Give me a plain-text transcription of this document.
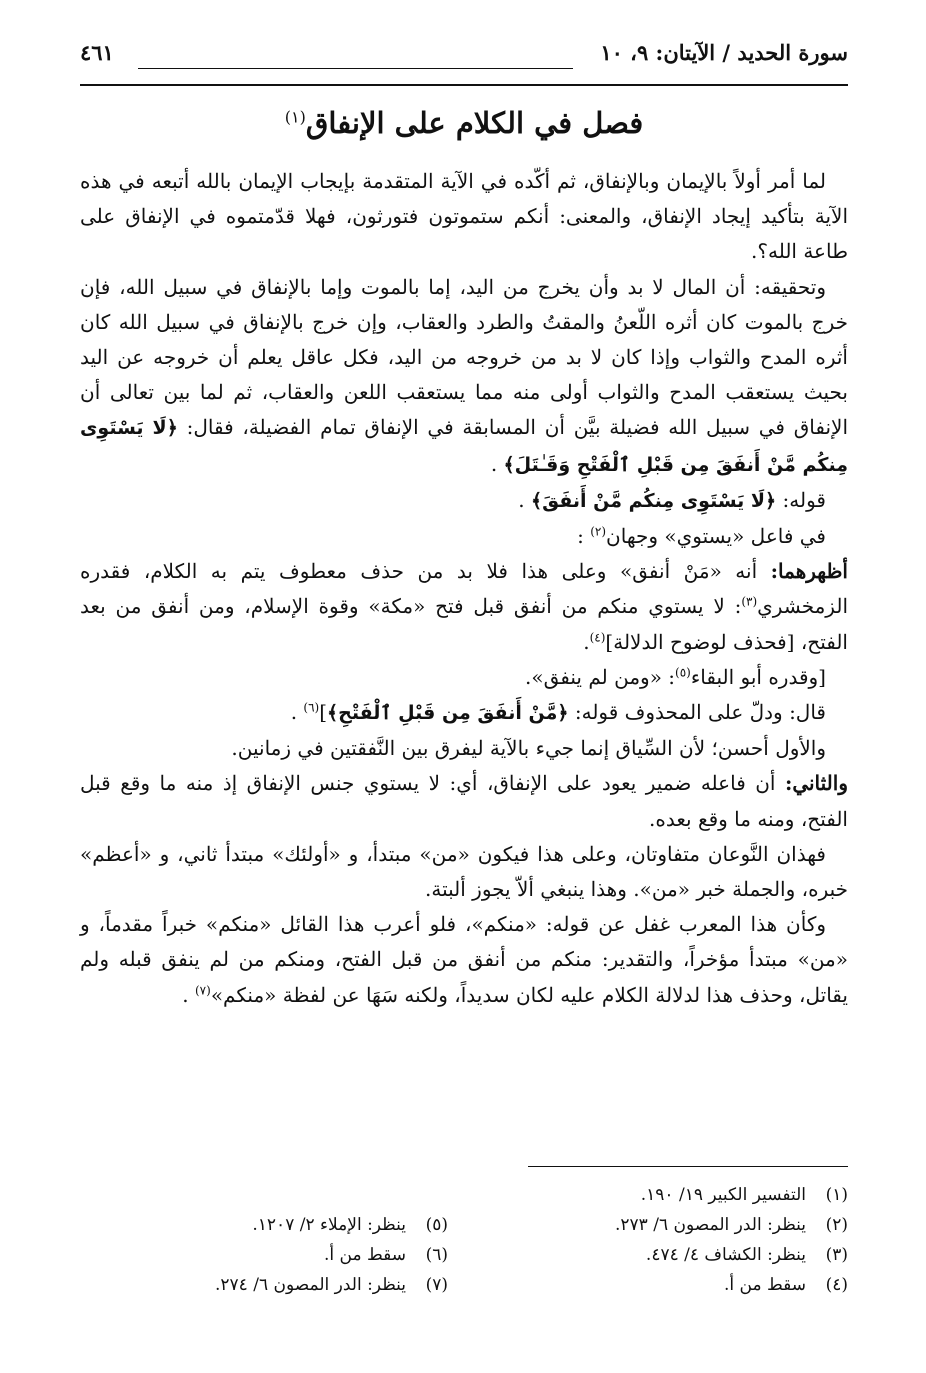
سورة الحديد / الآيتان: ٩، ١٠
٤٦١
فصل في الكلام على الإنفاق$^{(١)}$

لما أمر أولاً بالإيمان وبالإنفاق، ثم أكّده في الآية المتقدمة بإيجاب الإيمان بالله أتبعه في هذه الآية بتأكيد إيجاد الإنفاق، والمعنى: أنكم ستموتون فتورثون، فهلا قدّمتموه في الإنفاق على طاعة الله؟.

وتحقيقه: أن المال لا بد وأن يخرج من اليد، إما بالموت وإما بالإنفاق في سبيل الله، فإن خرج بالموت كان أثره اللّعنُ والمقتُ والطرد والعقاب، وإن خرج بالإنفاق في سبيل الله كان أثره المدح والثواب وإذا كان لا بد من خروجه من اليد، فكل عاقل يعلم أن خروجه عن اليد بحيث يستعقب المدح والثواب أولى منه مما يستعقب اللعن والعقاب، ثم لما بين تعالى أن الإنفاق في سبيل الله فضيلة بيَّن أن المسابقة في الإنفاق تمام الفضيلة، فقال: ﴿لَا يَسْتَوِى مِنكُم مَّنْ أَنفَقَ مِن قَبْلِ ٱلْفَتْحِ وَقَـٰتَلَ﴾ .

قوله: ﴿لَا يَسْتَوِى مِنكُم مَّنْ أَنفَقَ﴾ .

في فاعل «يستوي» وجهان$^{(٢)}$ :

أظهرهما: أنه «مَنْ أنفق» وعلى هذا فلا بد من حذف معطوف يتم به الكلام، فقدره الزمخشري$^{(٣)}$: لا يستوي منكم من أنفق قبل فتح «مكة» وقوة الإسلام، ومن أنفق من بعد الفتح، [فحذف لوضوح الدلالة]$^{(٤)}$.

[وقدره أبو البقاء$^{(٥)}$: «ومن لم ينفق».

قال: ودلّ على المحذوف قوله: ﴿مَّنْ أَنفَقَ مِن قَبْلِ ٱلْفَتْحِ﴾]$^{(٦)}$ .

والأول أحسن؛ لأن السِّياق إنما جيء بالآية ليفرق بين النَّفقتين في زمانين.

والثاني: أن فاعله ضمير يعود على الإنفاق، أي: لا يستوي جنس الإنفاق إذ منه ما وقع قبل الفتح، ومنه ما وقع بعده.

فهذان النَّوعان متفاوتان، وعلى هذا فيكون «من» مبتدأ، و «أولئك» مبتدأ ثاني، و «أعظم» خبره، والجملة خبر «من». وهذا ينبغي ألاّ يجوز ألبتة.

وكأن هذا المعرب غفل عن قوله: «منكم»، فلو أعرب هذا القائل «منكم» خبراً مقدماً، و «من» مبتدأ مؤخراً، والتقدير: منكم من أنفق من قبل الفتح، ومنكم من لم ينفق قبله ولم يقاتل، وحذف هذا لدلالة الكلام عليه لكان سديداً، ولكنه سَهَا عن لفظة «منكم»$^{(٧)}$ .

(١)التفسير الكبير ١٩/ ١٩٠.
(٢)ينظر: الدر المصون ٦/ ٢٧٣.
(٣)ينظر: الكشاف ٤/ ٤٧٤.
(٤)سقط من أ.

(٥)ينظر: الإملاء ٢/ ١٢٠٧.
(٦)سقط من أ.
(٧)ينظر: الدر المصون ٦/ ٢٧٤.
